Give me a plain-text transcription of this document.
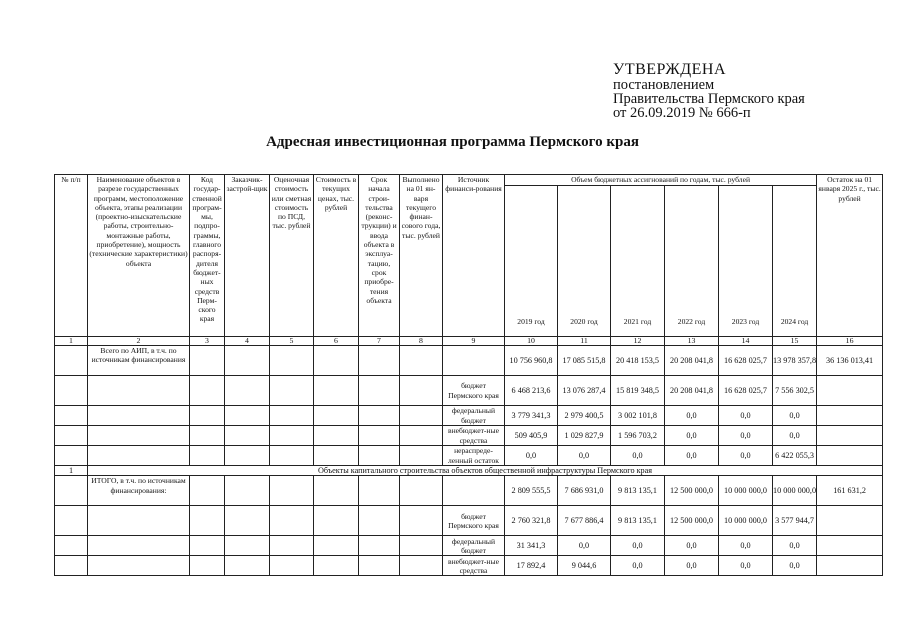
УТВЕРЖДЕНА
постановлением
Правительства Пермского края
от 26.09.2019 № 666-п
Адресная инвестиционная программа Пермского края
№ п/п	Наименование объектов в разрезе государственных программ, местоположение объекта, этапы реализации (проектно-изыскательские работы, строительно-монтажные работы, приобретение), мощность (технические характеристики) объекта	Код государ-ственной програм-мы, подпро-граммы, главного распоря-дителя бюджет-ных средств Перм-ского края	Заказчик-застрой-щик	Оценочная стоимость или сметная стоимость по ПСД, тыс. рублей	Стоимость в текущих ценах, тыс. рублей	Срок начала строи-тельства (реконс-трукции) и ввода объекта в эксплуа-тацию, срок приобре-тения объекта	Выполнено на 01 ян-варя текущего финан-сового года, тыс. рублей	Источник финанси-рования	Объем бюджетных ассигнований по годам, тыс. рублей						Остаток на 01 января 2025 г., тыс. рублей
									2019 год	2020 год	2021 год	2022 год	2023 год	2024 год	
1	2	3	4	5	6	7	8	9	10	11	12	13	14	15	16
	Всего по АИП, в т.ч. по источникам финансирования								10 756 960,8	17 085 515,8	20 418 153,5	20 208 041,8	16 628 025,7	13 978 357,8	36 136 013,41
								бюджет Пермского края	6 468 213,6	13 076 287,4	15 819 348,5	20 208 041,8	16 628 025,7	7 556 302,5	
								федеральный бюджет	3 779 341,3	2 979 400,5	3 002 101,8	0,0	0,0	0,0	
								внебюджет-ные средства	509 405,9	1 029 827,9	1 596 703,2	0,0	0,0	0,0	
								нераспреде-ленный остаток	0,0	0,0	0,0	0,0	0,0	6 422 055,3	
1	Объекты капитального строительства объектов общественной инфраструктуры Пермского края														
	ИТОГО, в т.ч. по источникам финансирования:								2 809 555,5	7 686 931,0	9 813 135,1	12 500 000,0	10 000 000,0	10 000 000,0	161 631,2
								бюджет Пермского края	2 760 321,8	7 677 886,4	9 813 135,1	12 500 000,0	10 000 000,0	3 577 944,7	
								федеральный бюджет	31 341,3	0,0	0,0	0,0	0,0	0,0	
								внебюджет-ные средства	17 892,4	9 044,6	0,0	0,0	0,0	0,0	
